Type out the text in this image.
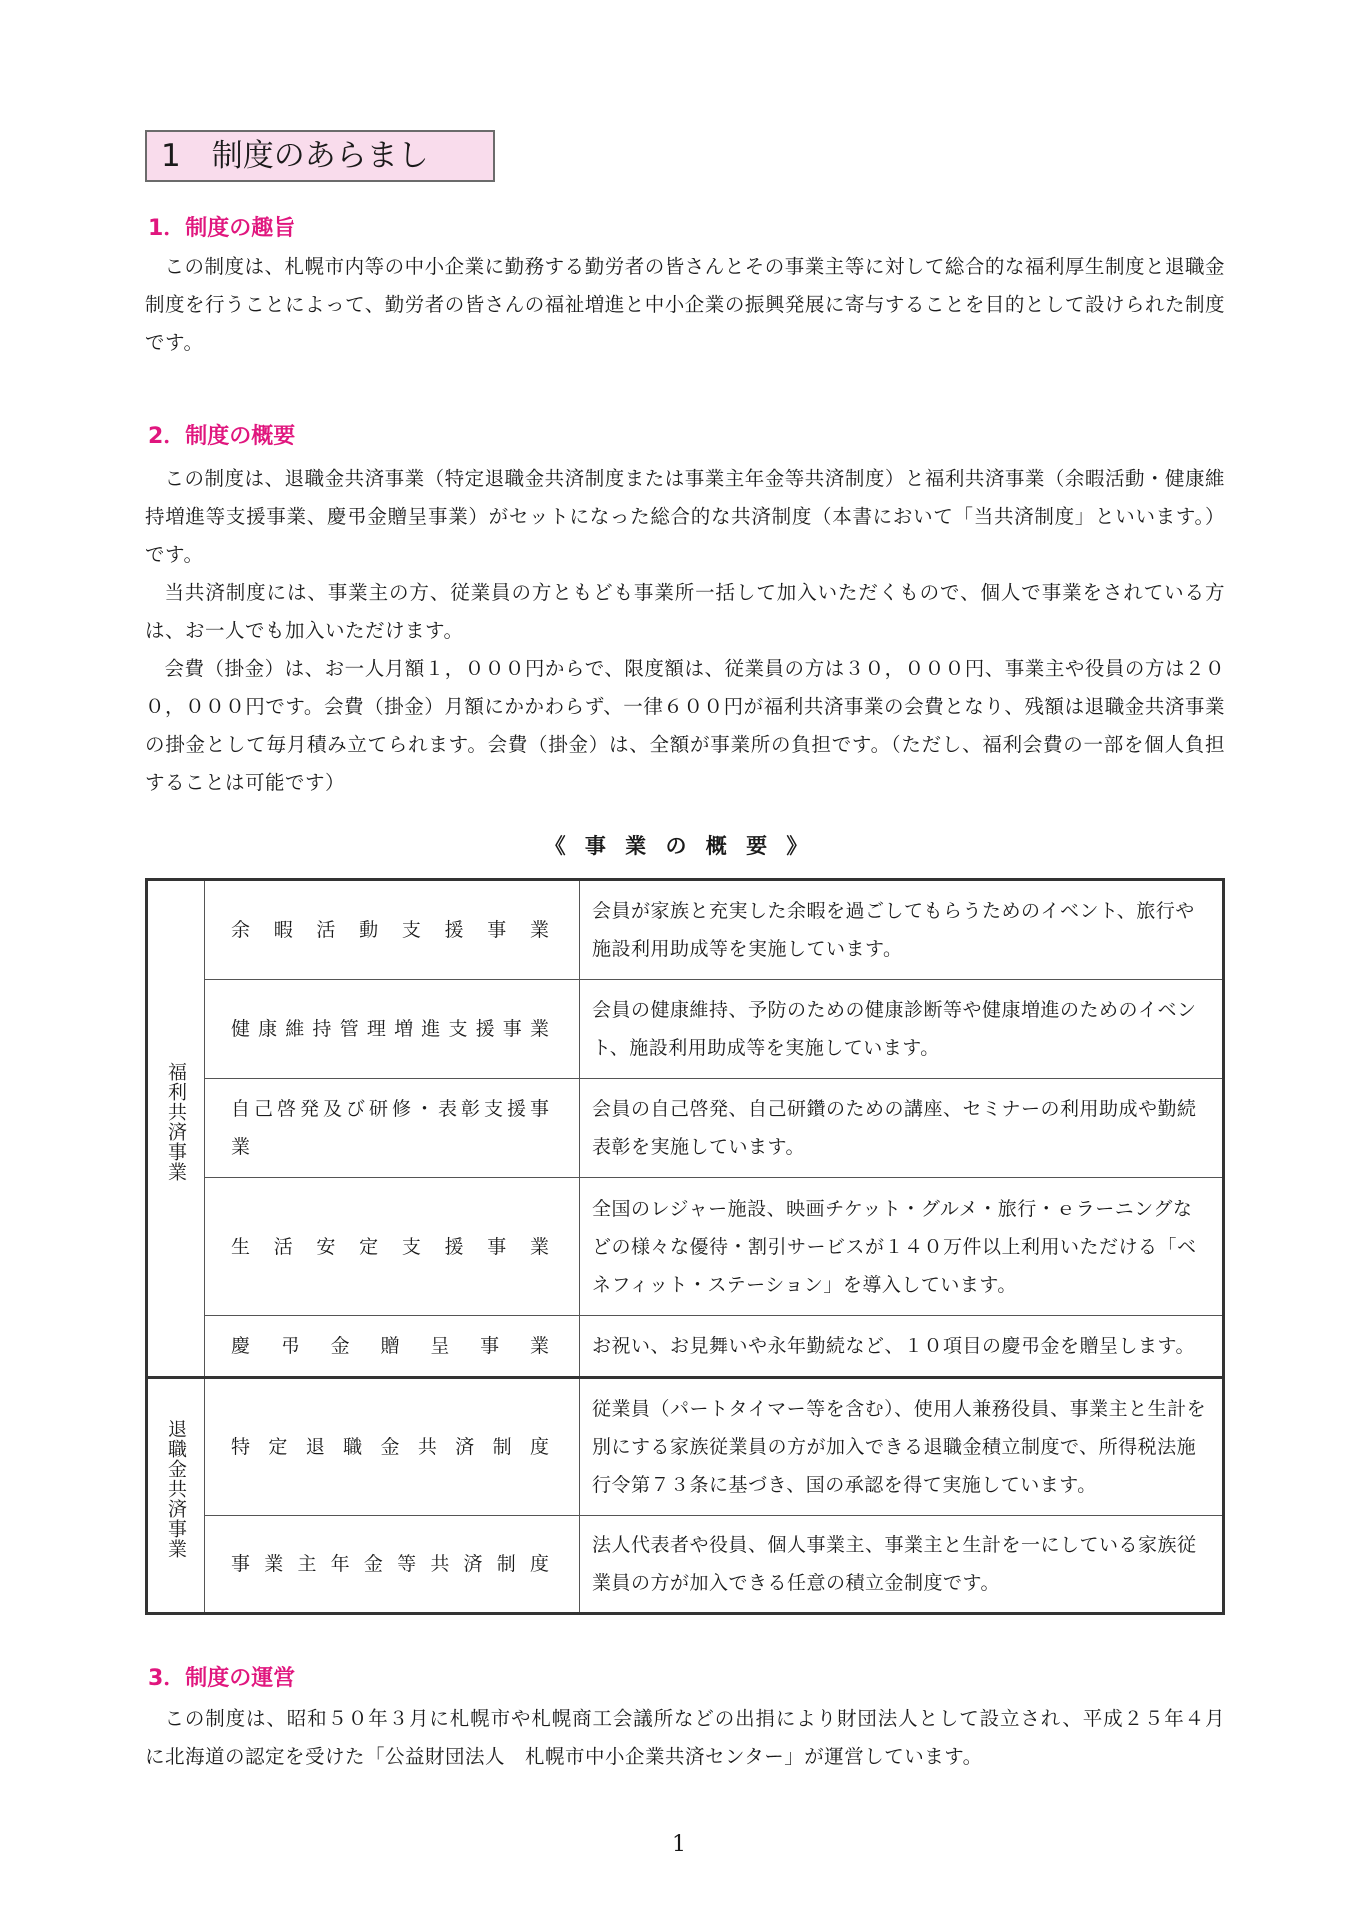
1　制度のあらまし
1．制度の趣旨
この制度は、札幌市内等の中小企業に勤務する勤労者の皆さんとその事業主等に対して総合的な福利厚生制度と退職金制度を行うことによって、勤労者の皆さんの福祉増進と中小企業の振興発展に寄与することを目的として設けられた制度です。
2．制度の概要
この制度は、退職金共済事業（特定退職金共済制度または事業主年金等共済制度）と福利共済事業（余暇活動・健康維持増進等支援事業、慶弔金贈呈事業）がセットになった総合的な共済制度（本書において「当共済制度」といいます。）です。
当共済制度には、事業主の方、従業員の方ともども事業所一括して加入いただくもので、個人で事業をされている方は、お一人でも加入いただけます。
会費（掛金）は、お一人月額１，０００円からで、限度額は、従業員の方は３０，０００円、事業主や役員の方は２００，０００円です。会費（掛金）月額にかかわらず、一律６００円が福利共済事業の会費となり、残額は退職金共済事業の掛金として毎月積み立てられます。会費（掛金）は、全額が事業所の負担です。（ただし、福利会費の一部を個人負担することは可能です）
《 事 業 の 概 要 》
福利共済事業	余暇活動支援事業	会員が家族と充実した余暇を過ごしてもらうためのイベント、旅行や施設利用助成等を実施しています。
	健康維持管理増進支援事業	会員の健康維持、予防のための健康診断等や健康増進のためのイベント、施設利用助成等を実施しています。
	自己啓発及び研修・表彰支援事業	会員の自己啓発、自己研鑽のための講座、セミナーの利用助成や勤続表彰を実施しています。
	生活安定支援事業	全国のレジャー施設、映画チケット・グルメ・旅行・ｅラーニングなどの様々な優待・割引サービスが１４０万件以上利用いただける「ベネフィット・ステーション」を導入しています。
	慶弔金贈呈事業	お祝い、お見舞いや永年勤続など、１０項目の慶弔金を贈呈します。
退職金共済事業	特定退職金共済制度	従業員（パートタイマー等を含む）、使用人兼務役員、事業主と生計を別にする家族従業員の方が加入できる退職金積立制度で、所得税法施行令第７３条に基づき、国の承認を得て実施しています。
	事業主年金等共済制度	法人代表者や役員、個人事業主、事業主と生計を一にしている家族従業員の方が加入できる任意の積立金制度です。
3．制度の運営
この制度は、昭和５０年３月に札幌市や札幌商工会議所などの出捐により財団法人として設立され、平成２５年４月に北海道の認定を受けた「公益財団法人　札幌市中小企業共済センター」が運営しています。
1
